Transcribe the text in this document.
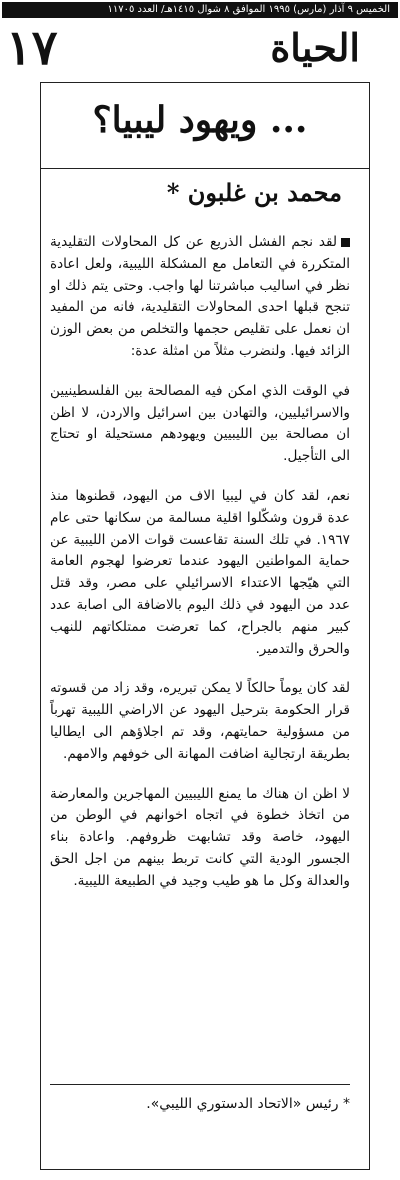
الخميس ٩ آذار (مارس) ١٩٩٥ الموافق ٨ شوال ١٤١٥هـ/ العدد ١١٧٠٥
١٧	الحياة
... ويهود ليبيا؟
محمد بن غلبون *

لقد نجم الفشل الذريع عن كل المحاولات التقليدية المتكررة في التعامل مع المشكلة الليبية، ولعل اعادة نظر في اساليب مباشرتنا لها واجب. وحتى يتم ذلك او تنجح قبلها احدى المحاولات التقليدية، فانه من المفيد ان نعمل على تقليص حجمها والتخلص من بعض الوزن الزائد فيها. ولنضرب مثلاً من امثلة عدة:

في الوقت الذي امكن فيه المصالحة بين الفلسطينيين والاسرائيليين، والتهادن بين اسرائيل والاردن، لا اظن ان مصالحة بين الليبيين ويهودهم مستحيلة او تحتاج الى التأجيل.

نعم، لقد كان في ليبيا الاف من اليهود، قطنوها منذ عدة قرون وشكّلوا اقلية مسالمة من سكانها حتى عام ١٩٦٧. في تلك السنة تقاعست قوات الامن الليبية عن حماية المواطنين اليهود عندما تعرضوا لهجوم العامة التي هيّجها الاعتداء الاسرائيلي على مصر، وقد قتل عدد من اليهود في ذلك اليوم بالاضافة الى اصابة عدد كبير منهم بالجراح، كما تعرضت ممتلكاتهم للنهب والحرق والتدمير.

لقد كان يوماً حالكاً لا يمكن تبريره، وقد زاد من قسوته قرار الحكومة بترحيل اليهود عن الاراضي الليبية تهرباً من مسؤولية حمايتهم، وقد تم اجلاؤهم الى ايطاليا بطريقة ارتجالية اضافت المهانة الى خوفهم والامهم.

لا اظن ان هناك ما يمنع الليبيين المهاجرين والمعارضة من اتخاذ خطوة في اتجاه اخوانهم في الوطن من اليهود، خاصة وقد تشابهت ظروفهم. واعادة بناء الجسور الودية التي كانت تربط بينهم من اجل الحق والعدالة وكل ما هو طيب وجيد في الطبيعة الليبية.

* رئيس «الاتحاد الدستوري الليبي».
